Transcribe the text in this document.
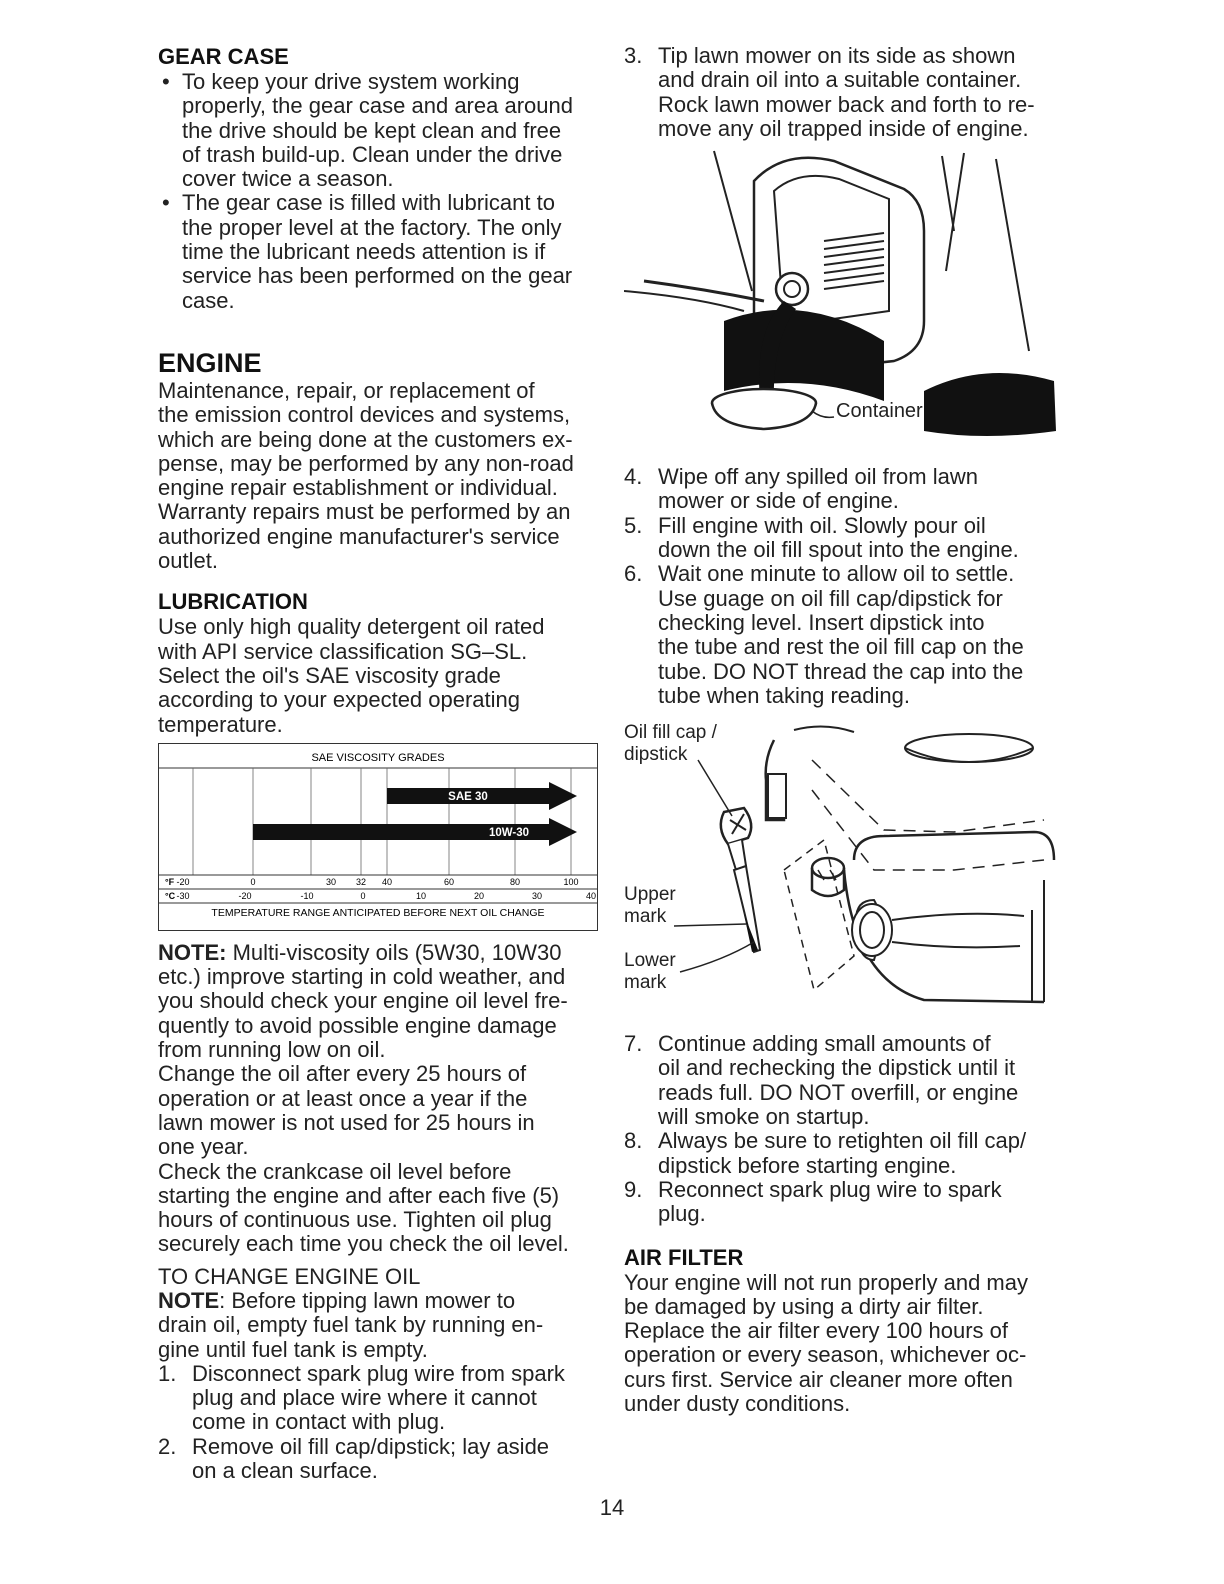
GEAR CASE
• To keep your drive system working

properly, the gear case and area around

the drive should be kept clean and free

of trash build-up. Clean under the drive

cover twice a season.

• The gear case is filled with lubricant to

the proper level at the factory. The only

time the lubricant needs attention is if

service has been performed on the gear

case.

ENGINE

Maintenance, repair, or replacement of

the emission control devices and systems,

which are being done at the customers ex-

pense, may be performed by any non-road

engine repair establishment or individual.

Warranty repairs must be performed by an

authorized engine manufacturer's service

outlet.

LUBRICATION

Use only high quality detergent oil rated

with API service classification SG–SL.

Select the oil's SAE viscosity grade

according to your expected operating

temperature.

SAE VISCOSITY GRADES
SAE 30
10W-30
°F
°C
-20	0	30 32 40	60	80	100
-30	-20	-10	0	10	20	30	40
TEMPERATURE RANGE ANTICIPATED BEFORE NEXT OIL CHANGE

NOTE: Multi-viscosity oils (5W30, 10W30

etc.) improve starting in cold weather, and

you should check your engine oil level fre-

quently to avoid possible engine damage

from running low on oil.

Change the oil after every 25 hours of

operation or at least once a year if the

lawn mower is not used for 25 hours in

one year.

Check the crankcase oil level before

starting the engine and after each five (5)

hours of continuous use. Tighten oil plug

securely each time you check the oil level.

TO CHANGE ENGINE OIL

NOTE: Before tipping lawn mower to

drain oil, empty fuel tank by running en-

gine until fuel tank is empty.

1. Disconnect spark plug wire from spark

plug and place wire where it cannot

come in contact with plug.

2. Remove oil fill cap/dipstick; lay aside

on a clean surface.

3. Tip lawn mower on its side as shown

and drain oil into a suitable container.

Rock lawn mower back and forth to re-

move any oil trapped inside of engine.

Container
4. Wipe off any spilled oil from lawn

mower or side of engine.

5. Fill engine with oil. Slowly pour oil

down the oil fill spout into the engine.

6. Wait one minute to allow oil to settle.

Use guage on oil fill cap/dipstick for

checking level. Insert dipstick into

the tube and rest the oil fill cap on the

tube. DO NOT thread the cap into the

tube when taking reading.

Oil fill cap /
dipstick
Upper
mark
Lower
mark
7. Continue adding small amounts of

oil and rechecking the dipstick until it

reads full. DO NOT overfill, or engine

will smoke on startup.

8. Always be sure to retighten oil fill cap/

dipstick before starting engine.

9. Reconnect spark plug wire to spark

plug.

AIR FILTER

Your engine will not run properly and may

be damaged by using a dirty air filter.

Replace the air filter every 100 hours of

operation or every season, whichever oc-

curs first. Service air cleaner more often

under dusty conditions.

14
